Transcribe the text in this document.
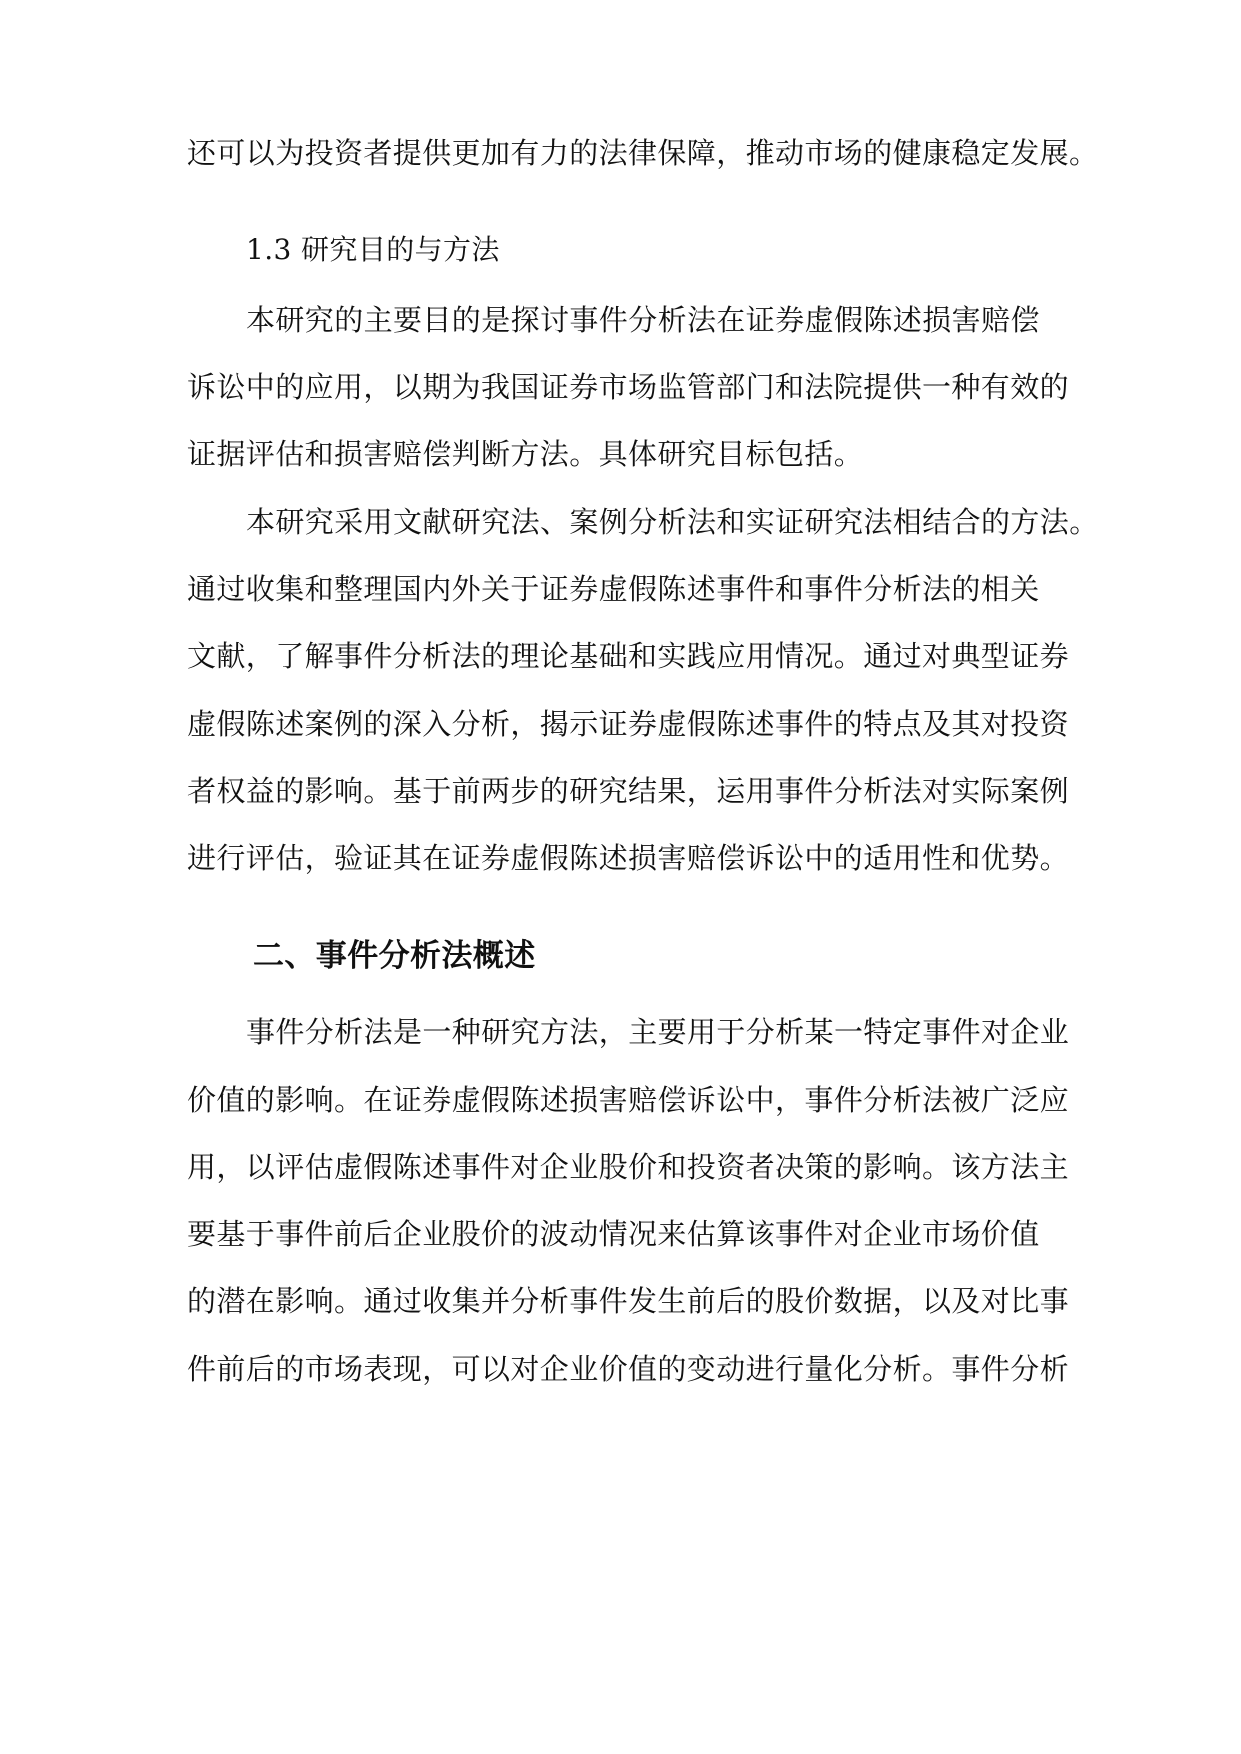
还可以为投资者提供更加有力的法律保障，推动市场的健康稳定发展。
1.3 研究目的与方法
本研究的主要目的是探讨事件分析法在证券虚假陈述损害赔偿
诉讼中的应用，以期为我国证券市场监管部门和法院提供一种有效的
证据评估和损害赔偿判断方法。具体研究目标包括。
本研究采用文献研究法、案例分析法和实证研究法相结合的方法。
通过收集和整理国内外关于证券虚假陈述事件和事件分析法的相关
文献，了解事件分析法的理论基础和实践应用情况。通过对典型证券
虚假陈述案例的深入分析，揭示证券虚假陈述事件的特点及其对投资
者权益的影响。基于前两步的研究结果，运用事件分析法对实际案例
进行评估，验证其在证券虚假陈述损害赔偿诉讼中的适用性和优势。
二、事件分析法概述
事件分析法是一种研究方法，主要用于分析某一特定事件对企业
价值的影响。在证券虚假陈述损害赔偿诉讼中，事件分析法被广泛应
用，以评估虚假陈述事件对企业股价和投资者决策的影响。该方法主
要基于事件前后企业股价的波动情况来估算该事件对企业市场价值
的潜在影响。通过收集并分析事件发生前后的股价数据，以及对比事
件前后的市场表现，可以对企业价值的变动进行量化分析。事件分析
